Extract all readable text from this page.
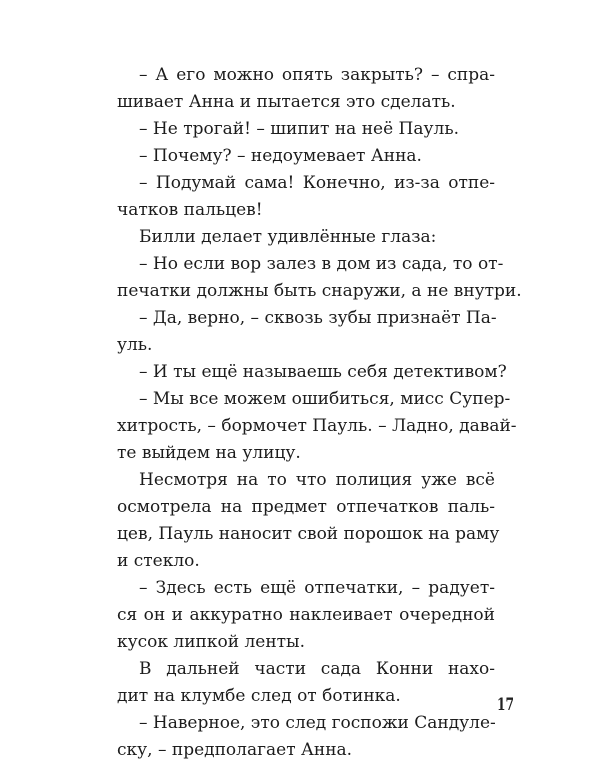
– А его можно опять закрыть? – спра-
шивает Анна и пытается это сделать.
– Не трогай! – шипит на неё Пауль.
– Почему? – недоумевает Анна.
– Подумай сама! Конечно, из-за отпе-
чатков пальцев!
Билли делает удивлённые глаза:
– Но если вор залез в дом из сада, то от-
печатки должны быть снаружи, а не внутри.
– Да, верно, – сквозь зубы признаёт Па-
уль.
– И ты ещё называешь себя детективом?
– Мы все можем ошибиться, мисс Супер-
хитрость, – бормочет Пауль. – Ладно, давай-
те выйдем на улицу.
Несмотря на то что полиция уже всё
осмотрела на предмет отпечатков паль-
цев, Пауль наносит свой порошок на раму
и стекло.
– Здесь есть ещё отпечатки, – радует-
ся он и аккуратно наклеивает очередной
кусок липкой ленты.
В дальней части сада Конни нахо-
дит на клумбе след от ботинка.
– Наверное, это след госпожи Сандуле-
ску, – предполагает Анна.
17
